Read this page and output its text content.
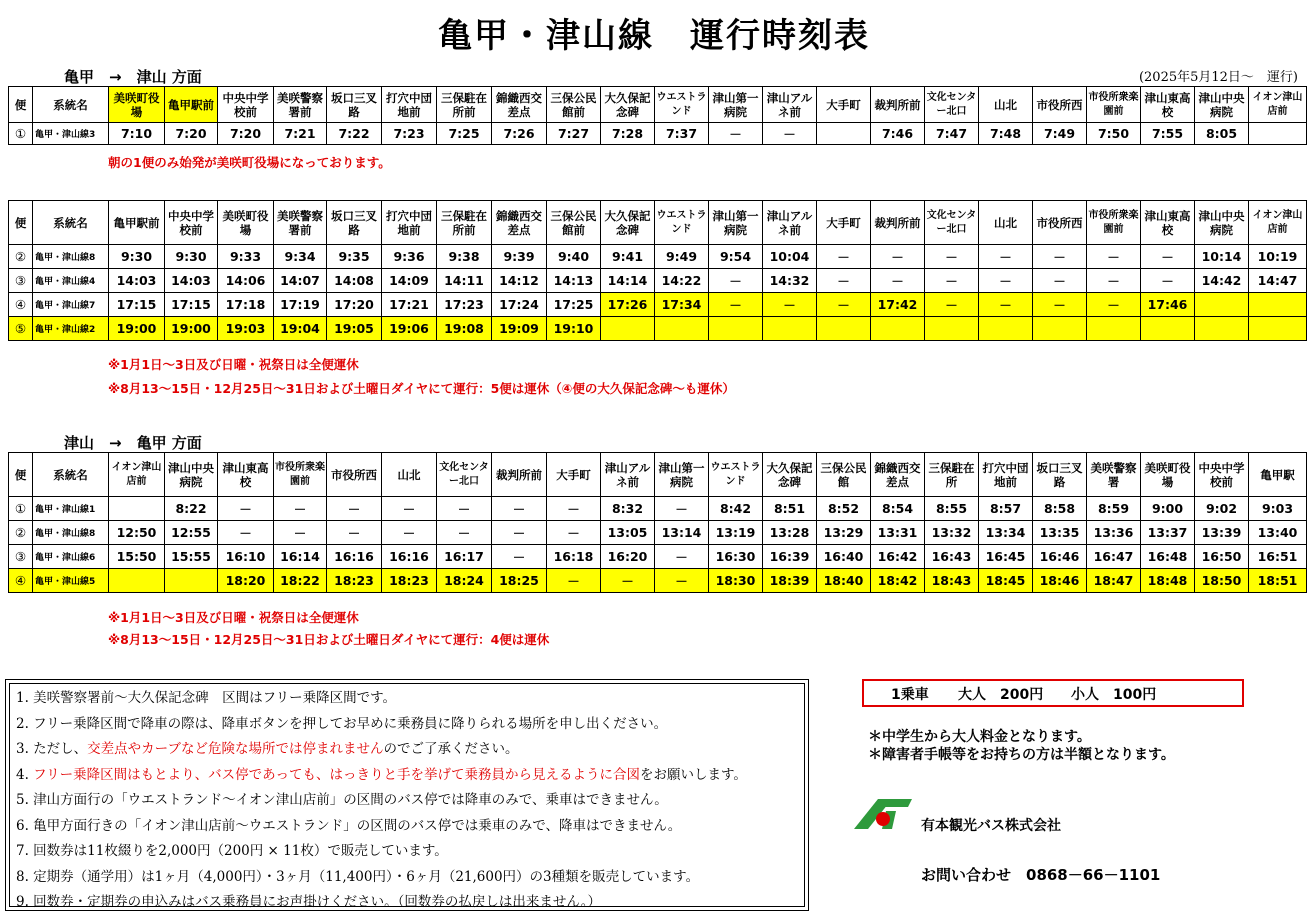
亀甲・津山線　運行時刻表
亀甲　→　津山 方面	(2025年5月12日～　運行)
便	系統名	美咲町役場	亀甲駅前	中央中学校前	美咲警察署前	坂口三叉路	打穴中団地前	三保駐在所前	錦織西交差点	三保公民館前	大久保記念碑	ウエストランド	津山第一病院	津山アルネ前	大手町	裁判所前	文化センター北口	山北	市役所西	市役所衆楽園前	津山東高校	津山中央病院	イオン津山店前
①	亀甲・津山線3	7:10	7:20	7:20	7:21	7:22	7:23	7:25	7:26	7:27	7:28	7:37	－	－		7:46	7:47	7:48	7:49	7:50	7:55	8:05	
朝の1便のみ始発が美咲町役場になっております。
便	系統名	亀甲駅前	中央中学校前	美咲町役場	美咲警察署前	坂口三叉路	打穴中団地前	三保駐在所前	錦織西交差点	三保公民館前	大久保記念碑	ウエストランド	津山第一病院	津山アルネ前	大手町	裁判所前	文化センター北口	山北	市役所西	市役所衆楽園前	津山東高校	津山中央病院	イオン津山店前
②	亀甲・津山線8	9:30	9:30	9:33	9:34	9:35	9:36	9:38	9:39	9:40	9:41	9:49	9:54	10:04	－	－	－	－	－	－	－	10:14	10:19
③	亀甲・津山線4	14:03	14:03	14:06	14:07	14:08	14:09	14:11	14:12	14:13	14:14	14:22	－	14:32	－	－	－	－	－	－	－	14:42	14:47
④	亀甲・津山線7	17:15	17:15	17:18	17:19	17:20	17:21	17:23	17:24	17:25	17:26	17:34	－	－	－	17:42	－	－	－	－	17:46		
⑤	亀甲・津山線2	19:00	19:00	19:03	19:04	19:05	19:06	19:08	19:09	19:10													
※1月1日～3日及び日曜・祝祭日は全便運休
※8月13～15日・12月25日～31日および土曜日ダイヤにて運行：5便は運休（④便の大久保記念碑～も運休）
津山　→　亀甲 方面
便	系統名	イオン津山店前	津山中央病院	津山東高校	市役所衆楽園前	市役所西	山北	文化センター北口	裁判所前	大手町	津山アルネ前	津山第一病院	ウエストランド	大久保記念碑	三保公民館	錦織西交差点	三保駐在所	打穴中団地前	坂口三叉路	美咲警察署	美咲町役場	中央中学校前	亀甲駅
①	亀甲・津山線1		8:22	－	－	－	－	－	－	－	8:32	－	8:42	8:51	8:52	8:54	8:55	8:57	8:58	8:59	9:00	9:02	9:03
②	亀甲・津山線8	12:50	12:55	－	－	－	－	－	－	－	13:05	13:14	13:19	13:28	13:29	13:31	13:32	13:34	13:35	13:36	13:37	13:39	13:40
③	亀甲・津山線6	15:50	15:55	16:10	16:14	16:16	16:16	16:17	－	16:18	16:20	－	16:30	16:39	16:40	16:42	16:43	16:45	16:46	16:47	16:48	16:50	16:51
④	亀甲・津山線5			18:20	18:22	18:23	18:23	18:24	18:25	－	－	－	18:30	18:39	18:40	18:42	18:43	18:45	18:46	18:47	18:48	18:50	18:51
※1月1日～3日及び日曜・祝祭日は全便運休
※8月13～15日・12月25日～31日および土曜日ダイヤにて運行：4便は運休
1. 美咲警察署前～大久保記念碑　区間はフリー乗降区間です。
2. フリー乗降区間で降車の際は、降車ボタンを押してお早めに乗務員に降りられる場所を申し出ください。
3. ただし、交差点やカーブなど危険な場所では停まれませんのでご了承ください。
4. フリー乗降区間はもとより、バス停であっても、はっきりと手を挙げて乗務員から見えるように合図をお願いします。
5. 津山方面行の「ウエストランド～イオン津山店前」の区間のバス停では降車のみで、乗車はできません。
6. 亀甲方面行きの「イオン津山店前～ウエストランド」の区間のバス停では乗車のみで、降車はできません。
7. 回数券は11枚綴りを2,000円（200円 × 11枚）で販売しています。
8. 定期券（通学用）は1ヶ月（4,000円）・3ヶ月（11,400円）・6ヶ月（21,600円）の3種類を販売しています。
9. 回数券・定期券の申込みはバス乗務員にお声掛けください。（回数券の払戻しは出来ません。）
1乗車 大人　200円 小人　100円
＊中学生から大人料金となります。
＊障害者手帳等をお持ちの方は半額となります。
有本観光バス株式会社
お問い合わせ　0868－66－1101
